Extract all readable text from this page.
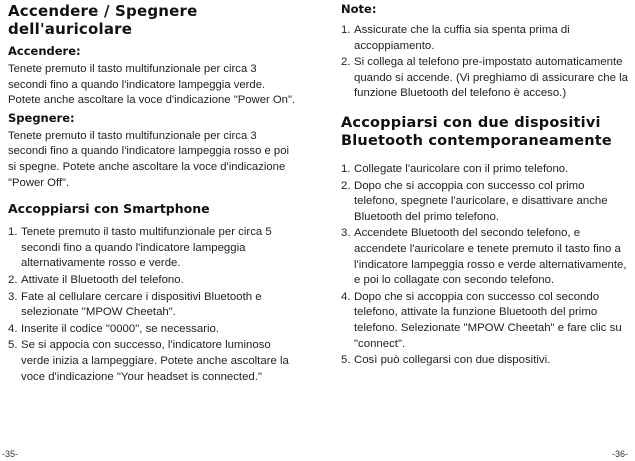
Accendere / Spegnere dell'auricolare
Accendere:

Tenete premuto il tasto multifunzionale per circa 3 secondi fino a quando l'indicatore lampeggia verde. Potete anche ascoltare la voce d'indicazione "Power On".

Spegnere:

Tenete premuto il tasto multifunzionale per circa 3 secondi fino a quando l'indicatore lampeggia rosso e poi si spegne. Potete anche ascoltare la voce d'indicazione "Power Off".

Accoppiarsi con Smartphone
1. Tenete premuto il tasto multifunzionale per circa 5 secondi fino a quando l'indicatore lampeggia alternativamente rosso e verde.
2. Attivate il Bluetooth del telefono.
3. Fate al cellulare cercare i dispositivi Bluetooth e selezionate "MPOW Cheetah".
4. Inserite il codice "0000", se necessario.
5. Se si appocia con successo, l'indicatore luminoso verde inizia a lampeggiare. Potete anche ascoltare la voce d'indicazione "Your headset is connected."
-35-
Note:
1. Assicurate che la cuffia sia spenta prima di accoppiamento.
2. Si collega al telefono pre-impostato automaticamente quando si accende. (Vi preghiamo di assicurare che la funzione Bluetooth del telefono è acceso.)
Accoppiarsi con due dispositivi
Bluetooth contemporaneamente
1. Collegate l'auricolare con il primo telefono.
2. Dopo che si accoppia con successo col primo telefono, spegnete l'auricolare, e disattivare anche Bluetooth del primo telefono.
3. Accendete Bluetooth del secondo telefono, e accendete l'auricolare e tenete premuto il tasto fino a l'indicatore lampeggia rosso e verde alternativamente, e poi lo collagate con secondo telefono.
4. Dopo che si accoppia con successo col secondo telefono, attivate la funzione Bluetooth del primo telefono. Selezionate "MPOW Cheetah" e fare clic su "connect".
5. Così può collegarsi con due dispositivi.
-36-
